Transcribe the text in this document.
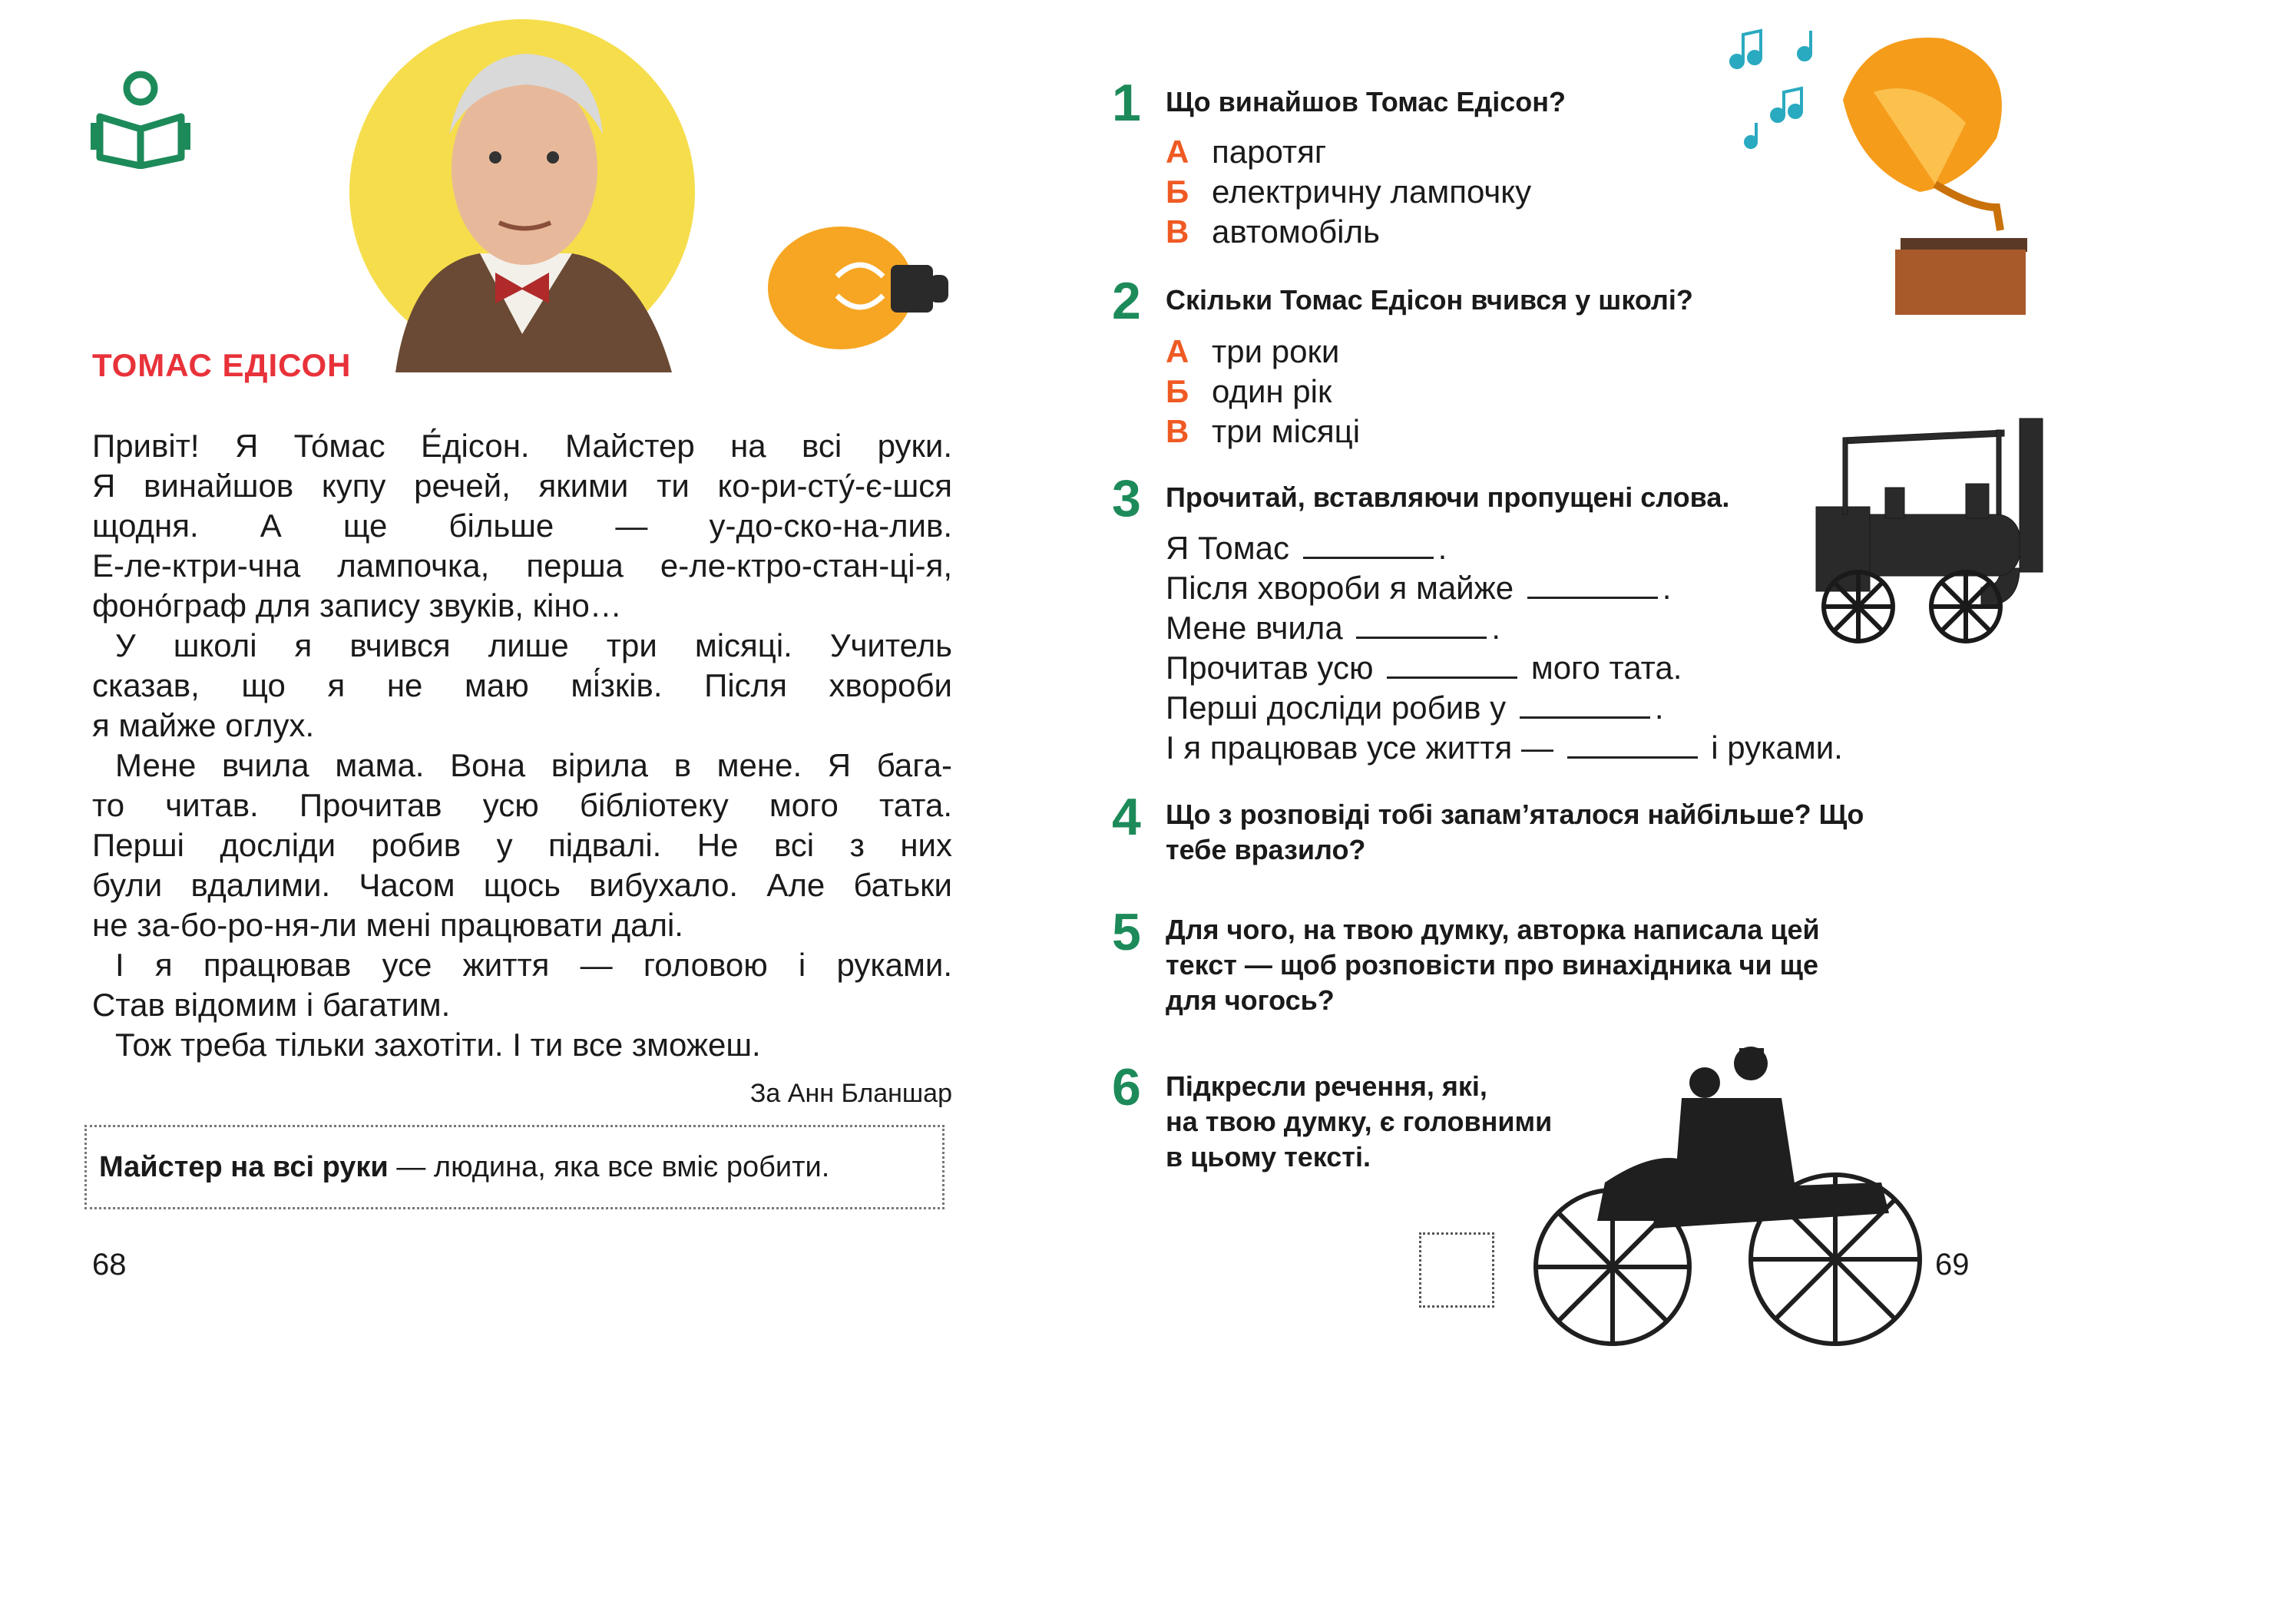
ТОМАС ЕДІСОН
Привіт! Я То́мас Е́дісон. Майстер на всі руки.
Я винайшов купу речей, якими ти ко-ри-сту́-є-шся
щодня. А ще більше — у-до-ско-на-лив.
Е-ле-ктри-чна лампочка, перша е-ле-ктро-стан-ці-я,
фоно́граф для запису звуків, кіно…
У школі я вчився лише три місяці. Учитель
сказав, що я не маю мі́зків. Після хвороби
я майже оглух.
Мене вчила мама. Вона вірила в мене. Я бага-
то читав. Прочитав усю бібліотеку мого тата.
Перші досліди робив у підвалі. Не всі з них
були вдалими. Часом щось вибухало. Але батьки
не за-бо-ро-ня-ли мені працювати далі.
І я працював усе життя — головою і руками.
Став відомим і багатим.
Тож треба тільки захотіти. І ти все зможеш.
За Анн Бланшар
Майстер на всі руки — людина, яка все вміє робити.
68
1 Що винайшов Томас Едісон?
А паротяг
Б електричну лампочку
В автомобіль
2 Скільки Томас Едісон вчився у школі?
А три роки
Б один рік
В три місяці
3 Прочитай, вставляючи пропущені слова.
Я Томас	.
Після хвороби я майже	.
Мене вчила	.
Прочитав усю	мого тата.
Перші досліди робив у	.
І я працював усе життя —	і руками.
4 Що з розповіді тобі запам’яталося найбільше? Що
тебе вразило?
5 Для чого, на твою думку, авторка написала цей
текст — щоб розповісти про винахідника чи ще
для чогось?
6 Підкресли речення, які,
на твою думку, є головними
в цьому тексті.
69
